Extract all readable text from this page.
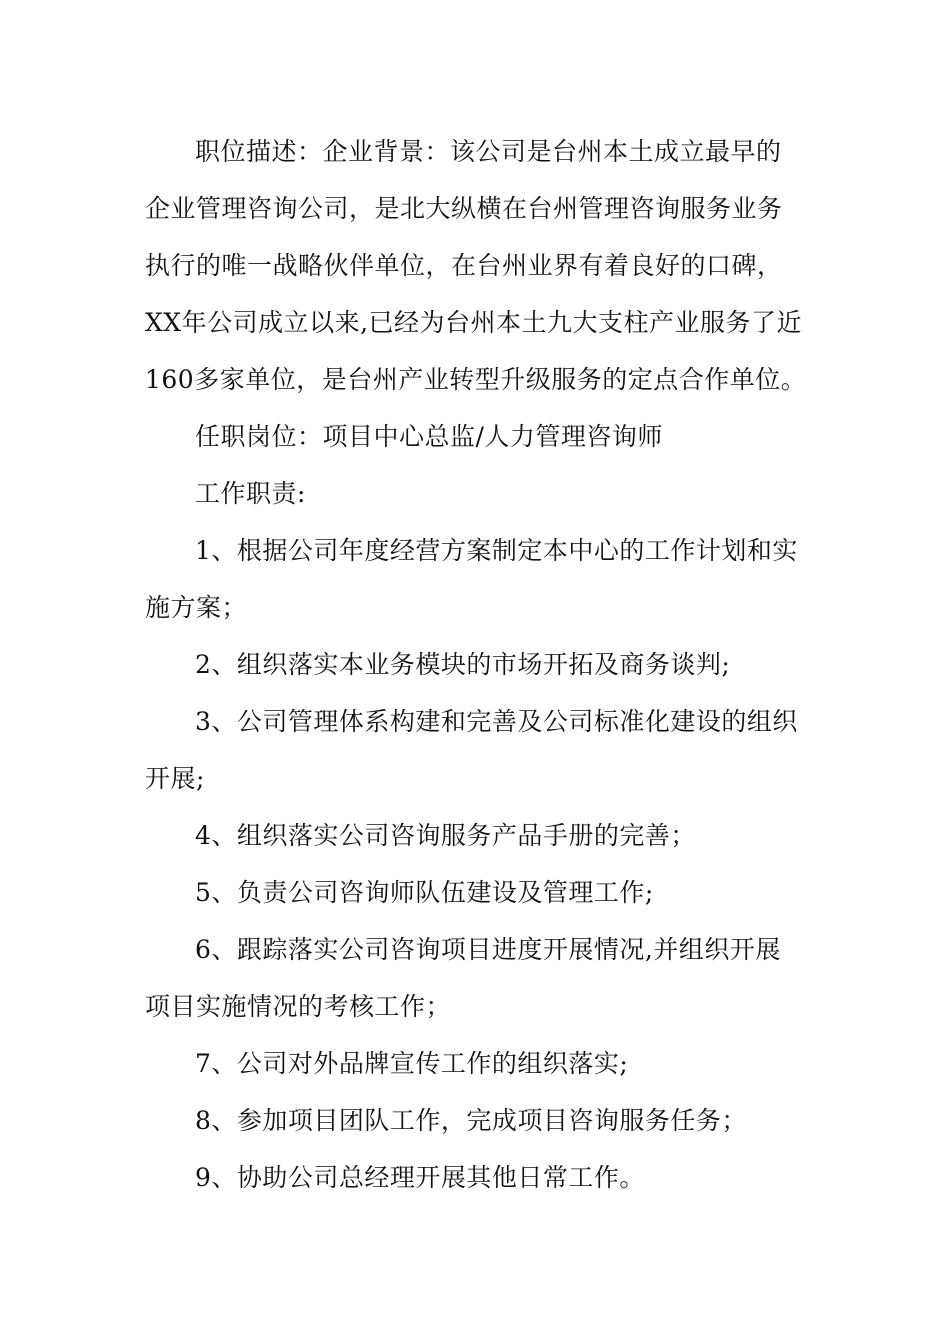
职位描述：企业背景：该公司是台州本土成立最早的
企业管理咨询公司，是北大纵横在台州管理咨询服务业务
执行的唯一战略伙伴单位，在台州业界有着良好的口碑，
XX年公司成立以来,已经为台州本土九大支柱产业服务了近
160多家单位，是台州产业转型升级服务的定点合作单位。
任职岗位：项目中心总监/人力管理咨询师
工作职责:
1、根据公司年度经营方案制定本中心的工作计划和实
施方案；
2、组织落实本业务模块的市场开拓及商务谈判;
3、公司管理体系构建和完善及公司标准化建设的组织
开展;
4、组织落实公司咨询服务产品手册的完善；
5、负责公司咨询师队伍建设及管理工作;
6、跟踪落实公司咨询项目进度开展情况,并组织开展
项目实施情况的考核工作；
7、公司对外品牌宣传工作的组织落实;
8、参加项目团队工作，完成项目咨询服务任务；
9、协助公司总经理开展其他日常工作。
